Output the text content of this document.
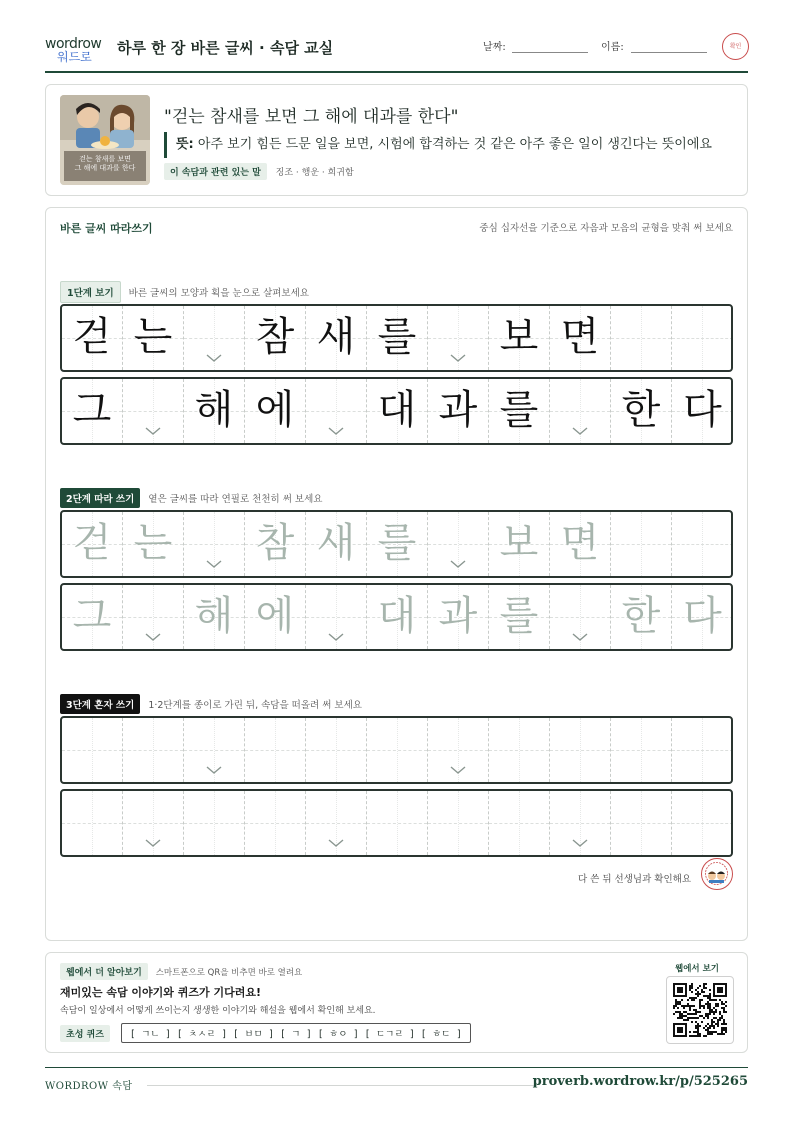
wordrow
워드로 하루 한 장 바른 글씨 · 속담 교실	날짜:	이름:	확인
걷는 참새를 보면
그 해에 대과를 한다
"걷는 참새를 보면 그 해에 대과를 한다"
뜻: 아주 보기 힘든 드문 일을 보면, 시험에 합격하는 것 같은 아주 좋은 일이 생긴다는 뜻이에요
이 속담과 관련 있는 말 징조 · 행운 · 희귀함
바른 글씨 따라쓰기	중심 십자선을 기준으로 자음과 모음의 균형을 맞춰 써 보세요
1단계 보기 바른 글씨의 모양과 획을 눈으로 살펴보세요
2단계 따라 쓰기 옅은 글씨를 따라 연필로 천천히 써 보세요
3단계 혼자 쓰기 1·2단계를 종이로 가린 뒤, 속담을 떠올려 써 보세요
다 쓴 뒤 선생님과 확인해요
걷 는 참 새 를 보 면
그 해 에 대 과 를 한 다
걷 는 참 새 를 보 면
그 해 에 대 과 를 한 다
웹에서 더 알아보기 스마트폰으로 QR을 비추면 바로 열려요
재미있는 속담 이야기와 퀴즈가 기다려요!
속담이 일상에서 어떻게 쓰이는지 생생한 이야기와 해설을 웹에서 확인해 보세요.
초성 퀴즈	[ ㄱㄴ ] [ ㅊㅅㄹ ] [ ㅂㅁ ] [ ㄱ ] [ ㅎㅇ ] [ ㄷㄱㄹ ] [ ㅎㄷ ]
웹에서 보기
WORDROW 속담	proverb.wordrow.kr/p/525265
